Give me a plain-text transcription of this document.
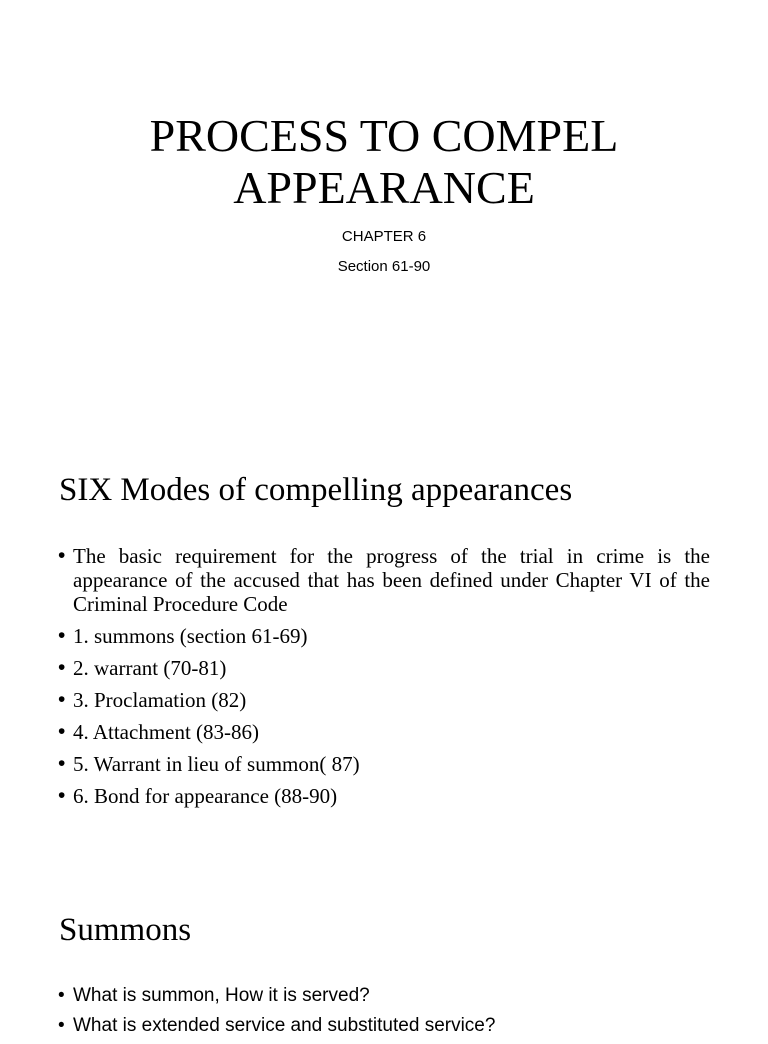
PROCESS TO COMPEL
APPEARANCE
CHAPTER 6
Section 61-90
SIX Modes of compelling appearances
• The basic requirement for the progress of the trial in crime is the appearance of the accused that has been defined under Chapter VI of the Criminal Procedure Code
• 1. summons (section 61-69)
• 2. warrant (70-81)
• 3. Proclamation (82)
• 4. Attachment (83-86)
• 5. Warrant in lieu of summon( 87)
• 6. Bond for appearance (88-90)
Summons
• What is summon, How it is served?
• What is extended service and substituted service?
